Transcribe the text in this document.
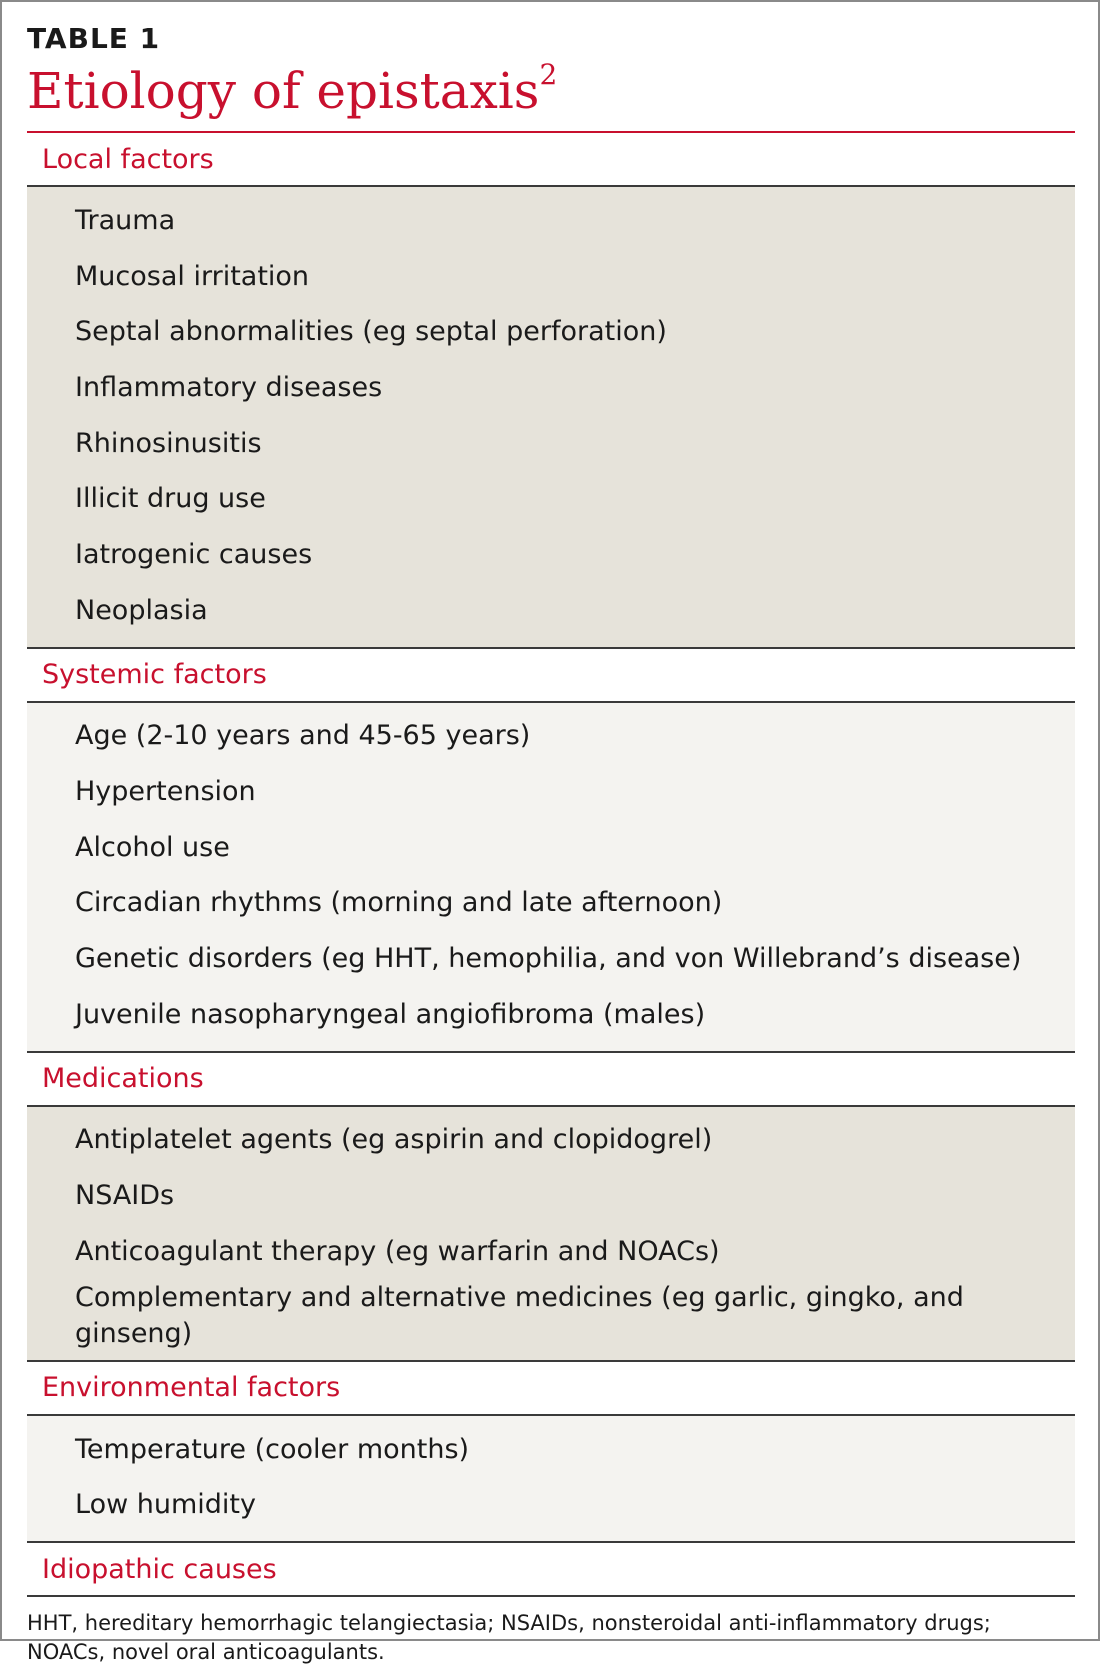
TABLE 1
Etiology of epistaxis$^2$
Local factors
Trauma
Mucosal irritation
Septal abnormalities (eg septal perforation)
Inflammatory diseases
Rhinosinusitis
Illicit drug use
Iatrogenic causes
Neoplasia
Systemic factors
Age (2-10 years and 45-65 years)
Hypertension
Alcohol use
Circadian rhythms (morning and late afternoon)
Genetic disorders (eg HHT, hemophilia, and von Willebrand’s disease)
Juvenile nasopharyngeal angiofibroma (males)
Medications
Antiplatelet agents (eg aspirin and clopidogrel)
NSAIDs
Anticoagulant therapy (eg warfarin and NOACs)
Complementary and alternative medicines (eg garlic, gingko, and ginseng)
Environmental factors
Temperature (cooler months)
Low humidity
Idiopathic causes
HHT, hereditary hemorrhagic telangiectasia; NSAIDs, nonsteroidal anti-inflammatory drugs; NOACs, novel oral anticoagulants.
